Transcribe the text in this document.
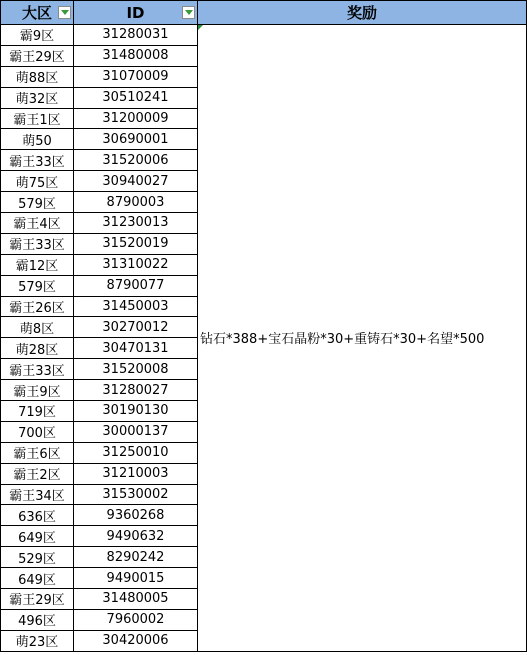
大区	ID	奖励
霸9区	31280031	钻石*388+宝石晶粉*30+重铸石*30+名望*500
霸王29区	31480008	
萌88区	31070009	
萌32区	30510241	
霸王1区	31200009	
萌50	30690001	
霸王33区	31520006	
萌75区	30940027	
579区	8790003	
霸王4区	31230013	
霸王33区	31520019	
霸12区	31310022	
579区	8790077	
霸王26区	31450003	
萌8区	30270012	
萌28区	30470131	
霸王33区	31520008	
霸王9区	31280027	
719区	30190130	
700区	30000137	
霸王6区	31250010	
霸王2区	31210003	
霸王34区	31530002	
636区	9360268	
649区	9490632	
529区	8290242	
649区	9490015	
霸王29区	31480005	
496区	7960002	
萌23区	30420006	
